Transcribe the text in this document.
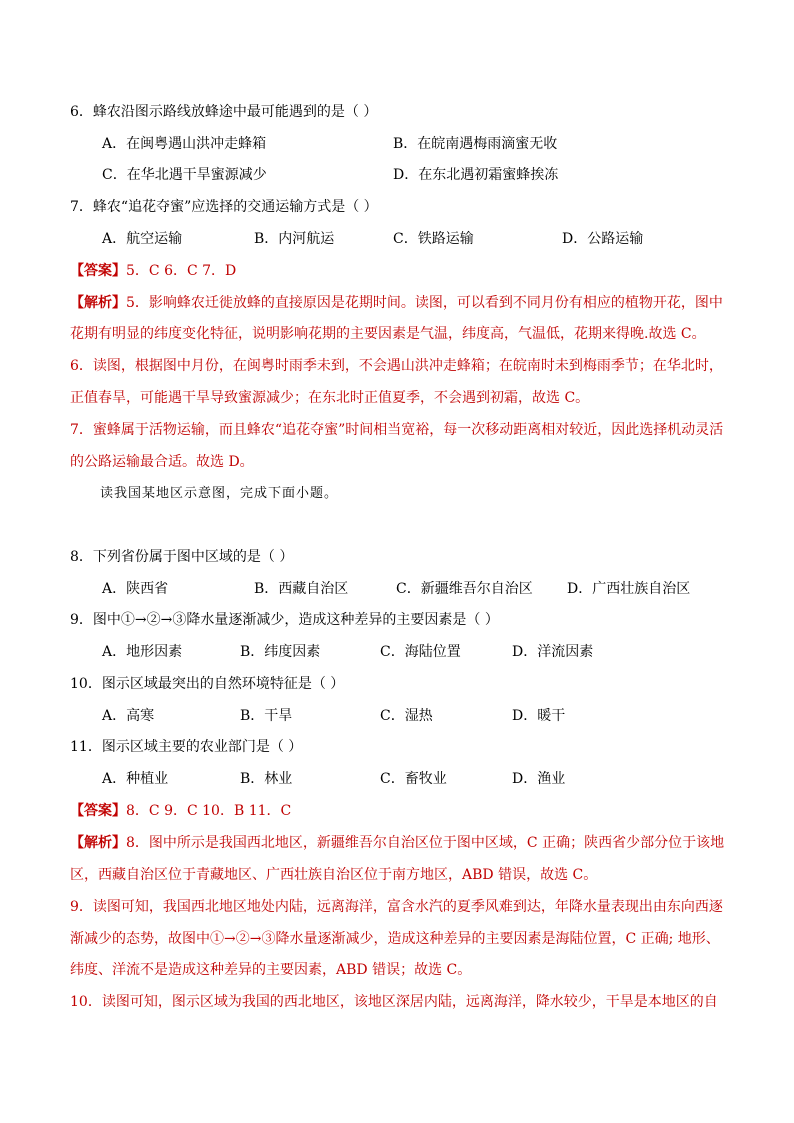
6．蜂农沿图示路线放蜂途中最可能遇到的是（ ）
A．在闽粤遇山洪冲走蜂箱	B．在皖南遇梅雨滴蜜无收
C．在华北遇干旱蜜源减少	D．在东北遇初霜蜜蜂挨冻
7．蜂农“追花夺蜜”应选择的交通运输方式是（ ）
A．航空运输	B．内河航运	C．铁路运输	D．公路运输
【答案】5．C 6．C 7．D
【解析】5．影响蜂农迁徙放蜂的直接原因是花期时间。读图，可以看到不同月份有相应的植物开花，图中
花期有明显的纬度变化特征，说明影响花期的主要因素是气温，纬度高，气温低，花期来得晚.故选 C。
6．读图，根据图中月份，在闽粤时雨季未到，不会遇山洪冲走蜂箱；在皖南时未到梅雨季节；在华北时，
正值春旱，可能遇干旱导致蜜源减少；在东北时正值夏季，不会遇到初霜，故选 C。
7．蜜蜂属于活物运输，而且蜂农“追花夺蜜”时间相当宽裕，每一次移动距离相对较近，因此选择机动灵活
的公路运输最合适。故选 D。
读我国某地区示意图，完成下面小题。
8．下列省份属于图中区域的是（ ）
A．陕西省	B．西藏自治区	C．新疆维吾尔自治区 D．广西壮族自治区
9．图中①→②→③降水量逐渐减少，造成这种差异的主要因素是（ ）
A．地形因素	B．纬度因素	C．海陆位置	D．洋流因素
10．图示区域最突出的自然环境特征是（ ）
A．高寒	B．干旱	C．湿热	D．暖干
11．图示区域主要的农业部门是（ ）
A．种植业	B．林业	C．畜牧业	D．渔业
【答案】8．C 9．C 10．B 11．C
【解析】8．图中所示是我国西北地区，新疆维吾尔自治区位于图中区域，C 正确；陕西省少部分位于该地
区，西藏自治区位于青藏地区、广西壮族自治区位于南方地区，ABD 错误，故选 C。
9．读图可知，我国西北地区地处内陆，远离海洋，富含水汽的夏季风难到达，年降水量表现出由东向西逐
渐减少的态势，故图中①→②→③降水量逐渐减少，造成这种差异的主要因素是海陆位置，C 正确; 地形、
纬度、洋流不是造成这种差异的主要因素，ABD 错误；故选 C。
10．读图可知，图示区域为我国的西北地区，该地区深居内陆，远离海洋，降水较少，干旱是本地区的自
